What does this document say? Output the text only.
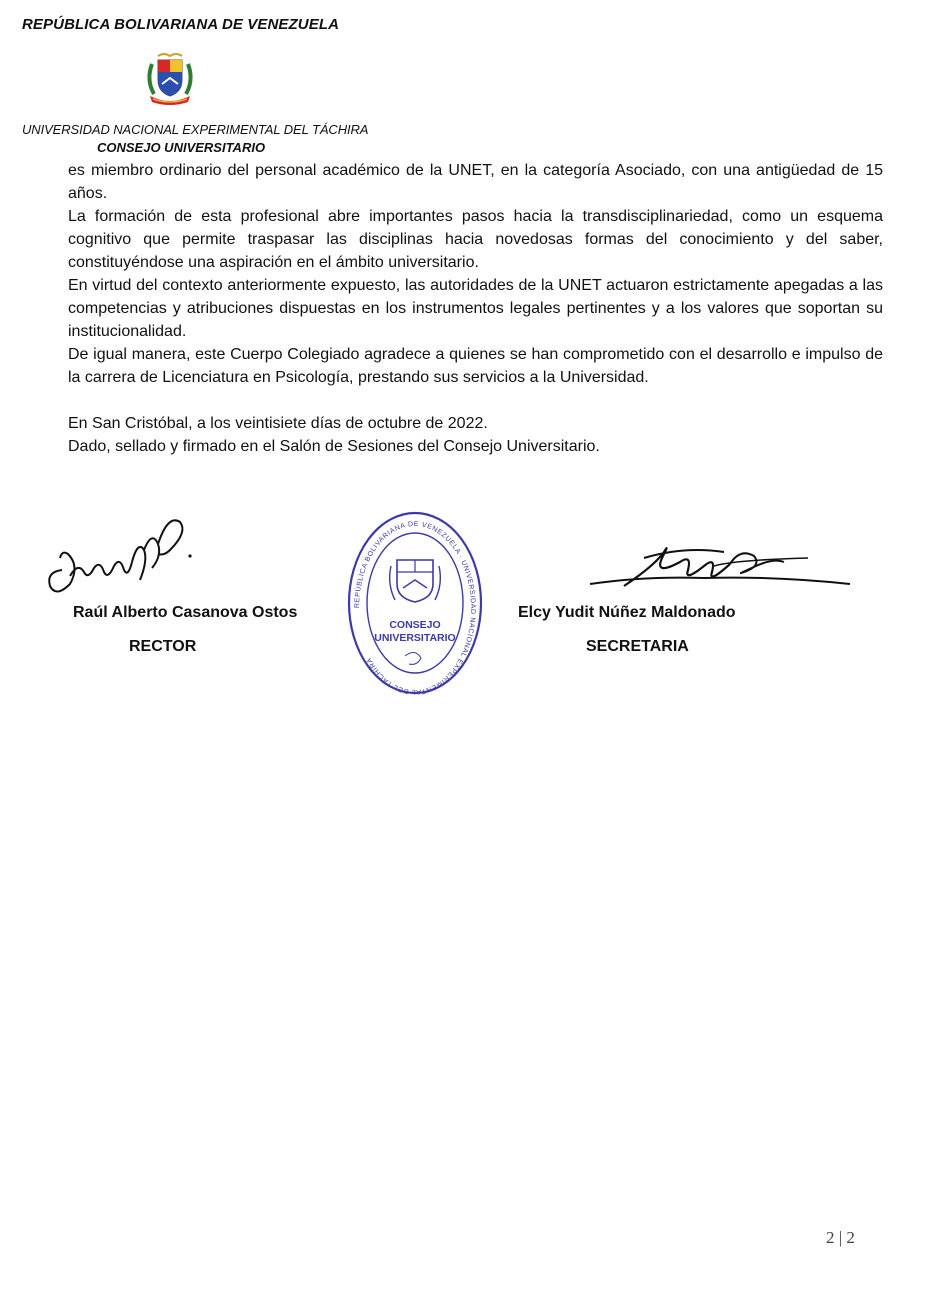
REPÚBLICA BOLIVARIANA DE VENEZUELA
UNIVERSIDAD NACIONAL EXPERIMENTAL DEL TÁCHIRA
CONSEJO UNIVERSITARIO

es miembro ordinario del personal académico de la UNET, en la categoría Asociado, con una antigüedad de 15 años.

La formación de esta profesional abre importantes pasos hacia la transdisciplinariedad, como un esquema cognitivo que permite traspasar las disciplinas hacia novedosas formas del conocimiento y del saber, constituyéndose una aspiración en el ámbito universitario.

En virtud del contexto anteriormente expuesto, las autoridades de la UNET actuaron estrictamente apegadas a las competencias y atribuciones dispuestas en los instrumentos legales pertinentes y a los valores que soportan su institucionalidad.

De igual manera, este Cuerpo Colegiado agradece a quienes se han comprometido con el desarrollo e impulso de la carrera de Licenciatura en Psicología, prestando sus servicios a la Universidad.

En San Cristóbal, a los veintisiete días de octubre de 2022.

Dado, sellado y firmado en el Salón de Sesiones del Consejo Universitario.

Raúl Alberto Casanova Ostos
RECTOR
REPÚBLICA BOLIVARIANA DE VENEZUELA · UNIVERSIDAD NACIONAL EXPERIMENTAL DEL TÁCHIRA
CONSEJO
UNIVERSITARIO
Elcy Yudit Núñez Maldonado
SECRETARIA
2 | 2
